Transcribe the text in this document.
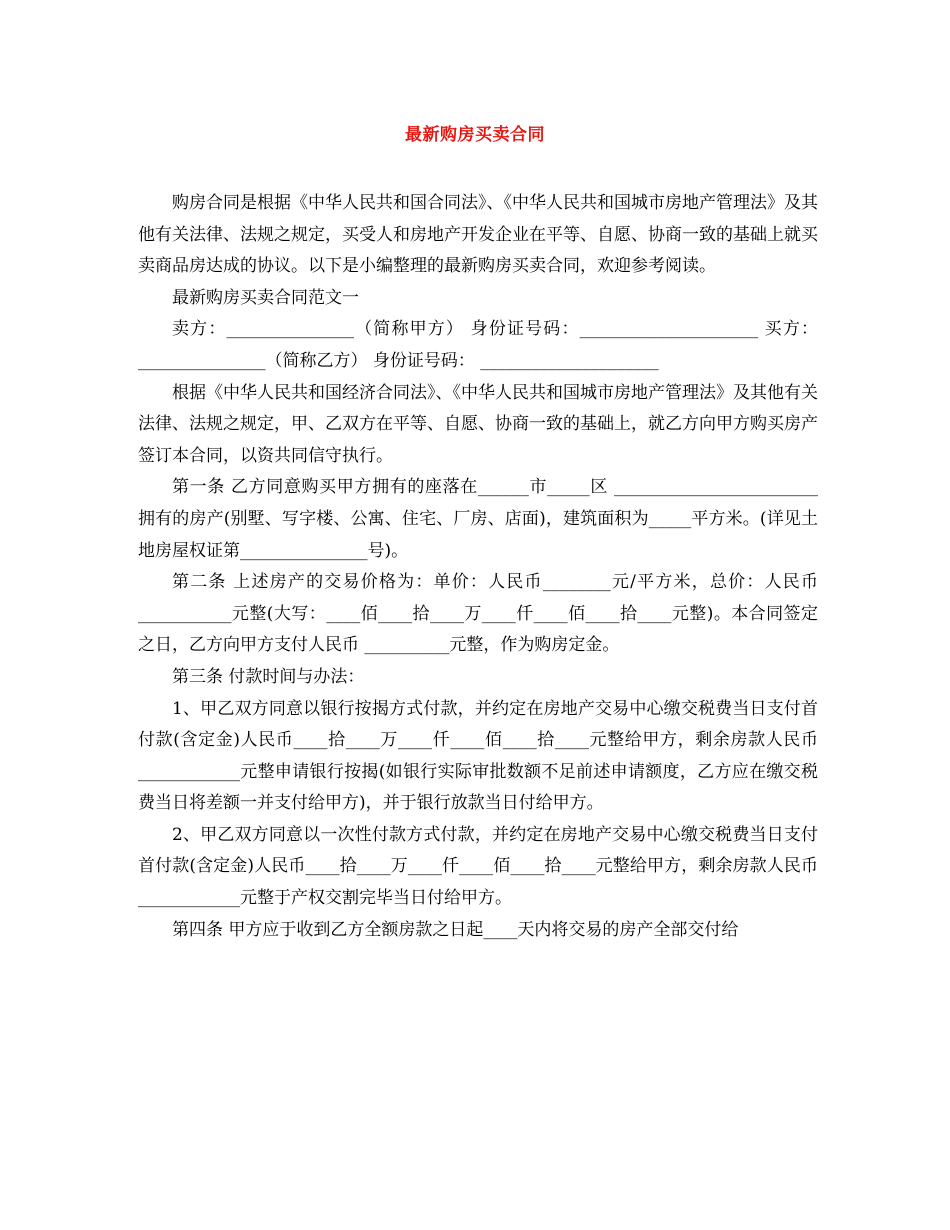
最新购房买卖合同

购房合同是根据《中华人民共和国合同法》、《中华人民共和国城市房地产管理法》及其他有关法律、法规之规定，买受人和房地产开发企业在平等、自愿、协商一致的基础上就买卖商品房达成的协议。以下是小编整理的最新购房买卖合同，欢迎参考阅读。

最新购房买卖合同范文一

卖方：_______________（简称甲方） 身份证号码：_____________________ 买方：_______________（简称乙方） 身份证号码： _____________________

根据《中华人民共和国经济合同法》、《中华人民共和国城市房地产管理法》及其他有关法律、法规之规定，甲、乙双方在平等、自愿、协商一致的基础上，就乙方向甲方购买房产签订本合同，以资共同信守执行。

第一条 乙方同意购买甲方拥有的座落在______市_____区 ________________________拥有的房产(别墅、写字楼、公寓、住宅、厂房、店面)，建筑面积为_____平方米。(详见土地房屋权证第_______________号)。

第二条 上述房产的交易价格为：单价：人民币________元/平方米，总价：人民币___________元整(大写：____佰____拾____万____仟____佰____拾____元整)。本合同签定之日，乙方向甲方支付人民币 __________元整，作为购房定金。

第三条 付款时间与办法：

1、甲乙双方同意以银行按揭方式付款，并约定在房地产交易中心缴交税费当日支付首付款(含定金)人民币____拾____万____仟____佰____拾____元整给甲方，剩余房款人民币____________元整申请银行按揭(如银行实际审批数额不足前述申请额度，乙方应在缴交税费当日将差额一并支付给甲方)，并于银行放款当日付给甲方。

2、甲乙双方同意以一次性付款方式付款，并约定在房地产交易中心缴交税费当日支付首付款(含定金)人民币____拾____万____仟____佰____拾____元整给甲方，剩余房款人民币____________元整于产权交割完毕当日付给甲方。

第四条 甲方应于收到乙方全额房款之日起____天内将交易的房产全部交付给
